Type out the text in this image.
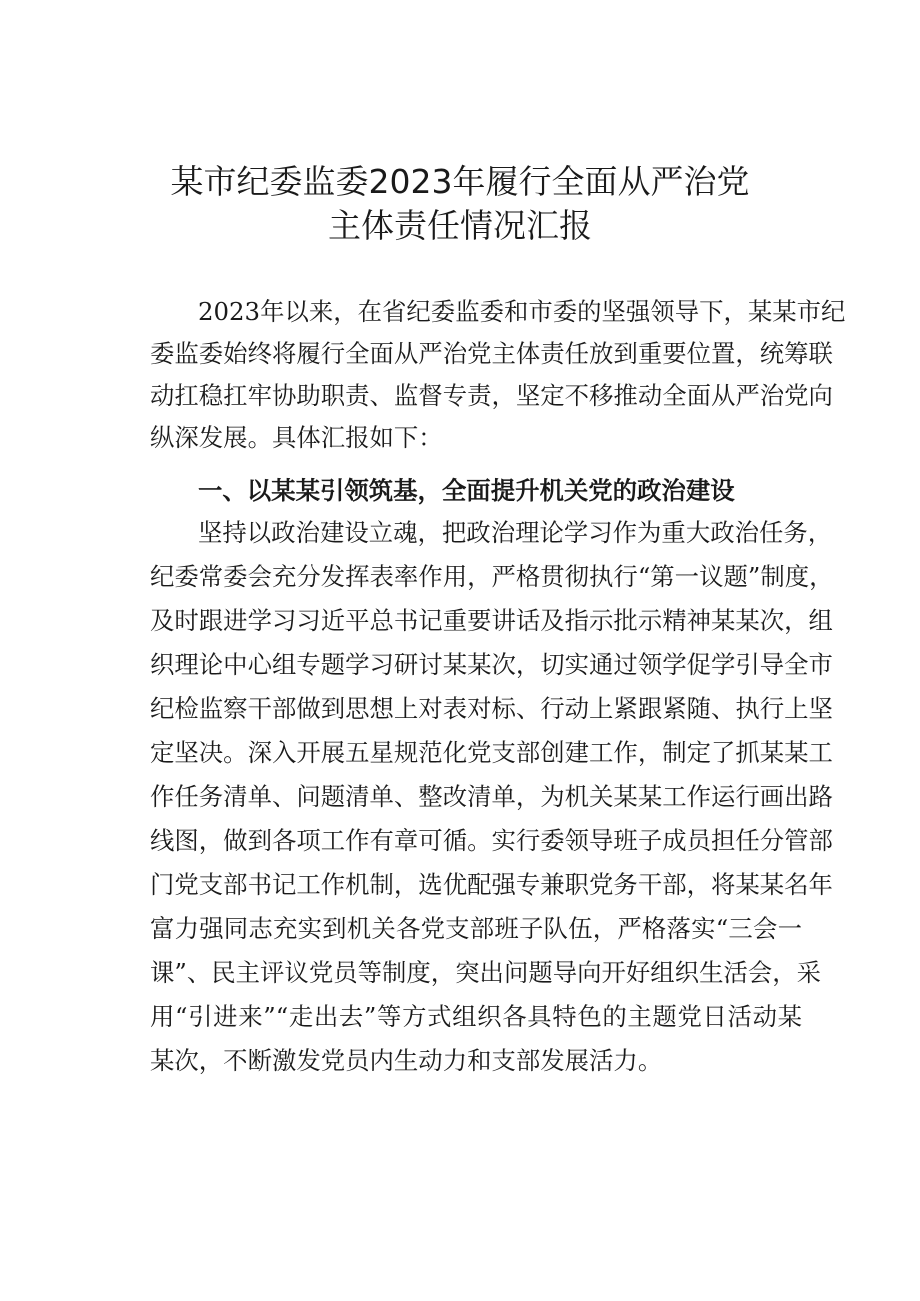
某市纪委监委2023年履行全面从严治党
主体责任情况汇报
2023年以来，在省纪委监委和市委的坚强领导下，某某市纪
委监委始终将履行全面从严治党主体责任放到重要位置，统筹联
动扛稳扛牢协助职责、监督专责，坚定不移推动全面从严治党向
纵深发展。具体汇报如下：
一、以某某引领筑基，全面提升机关党的政治建设
坚持以政治建设立魂，把政治理论学习作为重大政治任务，
纪委常委会充分发挥表率作用，严格贯彻执行“第一议题”制度，
及时跟进学习习近平总书记重要讲话及指示批示精神某某次，组
织理论中心组专题学习研讨某某次，切实通过领学促学引导全市
纪检监察干部做到思想上对表对标、行动上紧跟紧随、执行上坚
定坚决。深入开展五星规范化党支部创建工作，制定了抓某某工
作任务清单、问题清单、整改清单，为机关某某工作运行画出路
线图，做到各项工作有章可循。实行委领导班子成员担任分管部
门党支部书记工作机制，选优配强专兼职党务干部，将某某名年
富力强同志充实到机关各党支部班子队伍，严格落实“三会一
课”、民主评议党员等制度，突出问题导向开好组织生活会，采
用“引进来”“走出去”等方式组织各具特色的主题党日活动某
某次，不断激发党员内生动力和支部发展活力。
